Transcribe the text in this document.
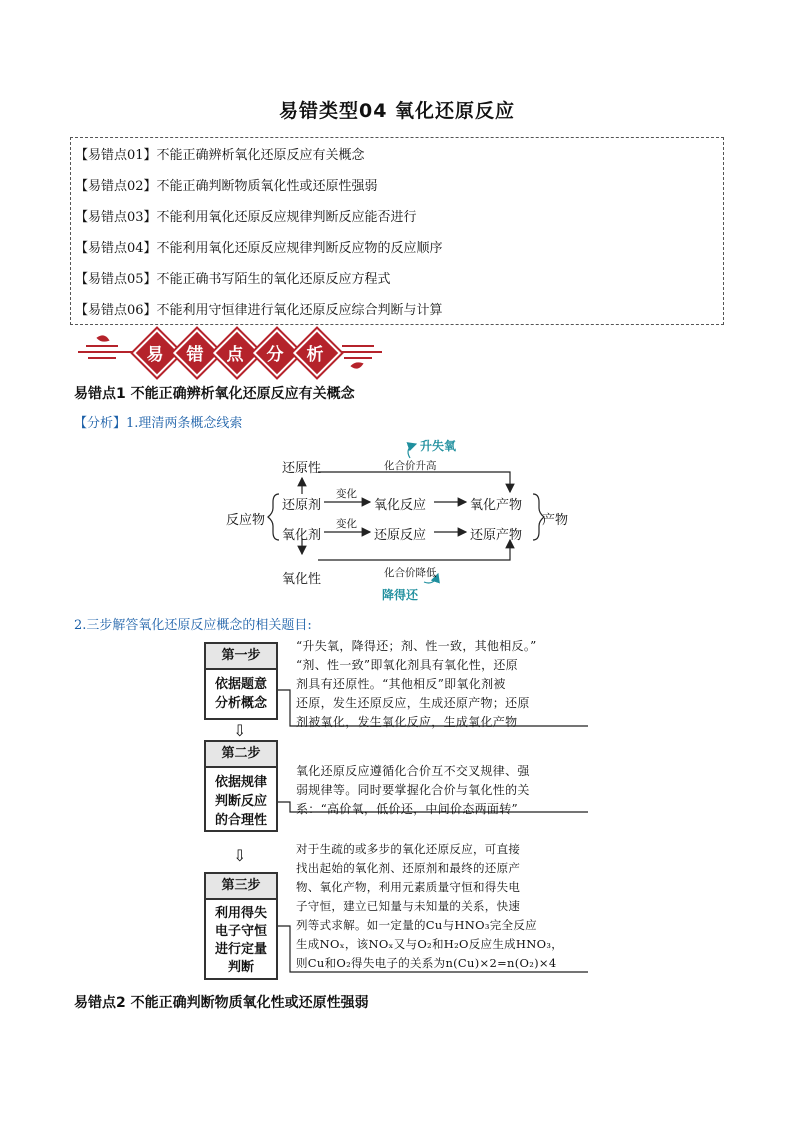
易错类型04 氧化还原反应
【易错点01】不能正确辨析氧化还原反应有关概念
【易错点02】不能正确判断物质氧化性或还原性强弱
【易错点03】不能利用氧化还原反应规律判断反应能否进行
【易错点04】不能利用氧化还原反应规律判断反应物的反应顺序
【易错点05】不能正确书写陌生的氧化还原反应方程式
【易错点06】不能利用守恒律进行氧化还原反应综合判断与计算
易	错	点	分	析
易错点1 不能正确辨析氧化还原反应有关概念
【分析】1.理清两条概念线索
升失氧
还原性	化合价升高
变化
还原剂	氧化反应	氧化产物
反应物	产物
变化
氧化剂	还原反应	还原产物
化合价降低
氧化性
降得还
2.三步解答氧化还原反应概念的相关题目:
第一步
依据题意
分析概念
⇩
“升失氧，降得还；剂、性一致，其他相反。”
“剂、性一致”即氧化剂具有氧化性，还原
剂具有还原性。“其他相反”即氧化剂被
还原，发生还原反应，生成还原产物；还原
剂被氧化，发生氧化反应，生成氧化产物
第二步
依据规律
判断反应
的合理性
⇩
氧化还原反应遵循化合价互不交叉规律、强
弱规律等。同时要掌握化合价与氧化性的关
系：“高价氧，低价还，中间价态两面转”
第三步
利用得失
电子守恒
进行定量
判断
对于生疏的或多步的氧化还原反应，可直接
找出起始的氧化剂、还原剂和最终的还原产
物、氧化产物，利用元素质量守恒和得失电
子守恒，建立已知量与未知量的关系，快速
列等式求解。如一定量的Cu与HNO₃完全反应
生成NOₓ，该NOₓ又与O₂和H₂O反应生成HNO₃，
则Cu和O₂得失电子的关系为n(Cu)×2=n(O₂)×4
易错点2 不能正确判断物质氧化性或还原性强弱
